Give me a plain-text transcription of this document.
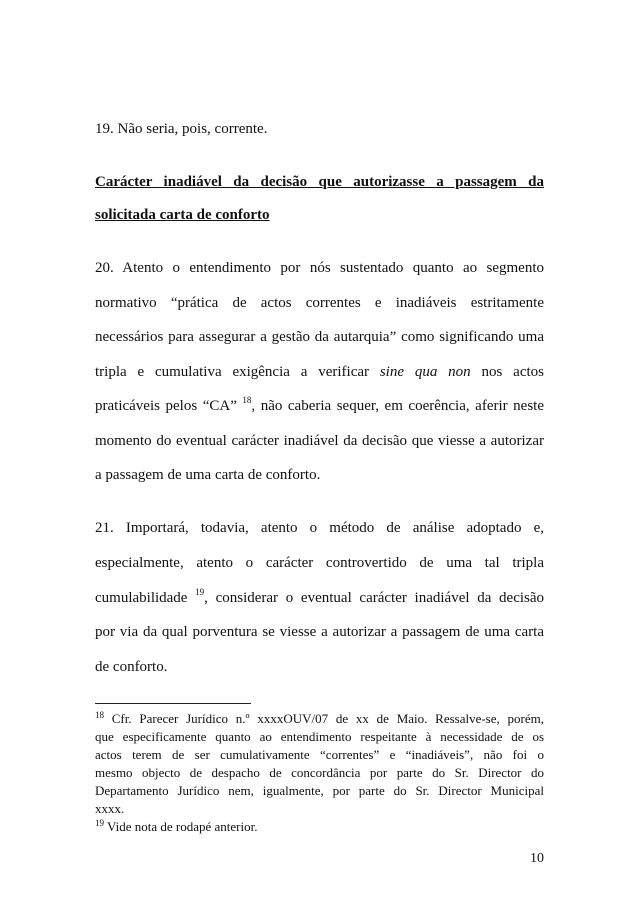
19. Não seria, pois, corrente.
Carácter inadiável da decisão que autorizasse a passagem da
solicitada carta de conforto
20. Atento o entendimento por nós sustentado quanto ao segmento
normativo “prática de actos correntes e inadiáveis estritamente
necessários para assegurar a gestão da autarquia” como significando uma
tripla e cumulativa exigência a verificar sine qua non nos actos
praticáveis pelos “CA” $^{18}$, não caberia sequer, em coerência, aferir neste
momento do eventual carácter inadiável da decisão que viesse a autorizar
a passagem de uma carta de conforto.
21. Importará, todavia, atento o método de análise adoptado e,
especialmente, atento o carácter controvertido de uma tal tripla
cumulabilidade $^{19}$, considerar o eventual carácter inadiável da decisão
por via da qual porventura se viesse a autorizar a passagem de uma carta
de conforto.
$^{18}$ Cfr. Parecer Jurídico n.º xxxxOUV/07 de xx de Maio. Ressalve-se, porém,
que especificamente quanto ao entendimento respeitante à necessidade de os
actos terem de ser cumulativamente “correntes” e “inadiáveis”, não foi o
mesmo objecto de despacho de concordância por parte do Sr. Director do
Departamento Jurídico nem, igualmente, por parte do Sr. Director Municipal
xxxx.
$^{19}$ Vide nota de rodapé anterior.
10
